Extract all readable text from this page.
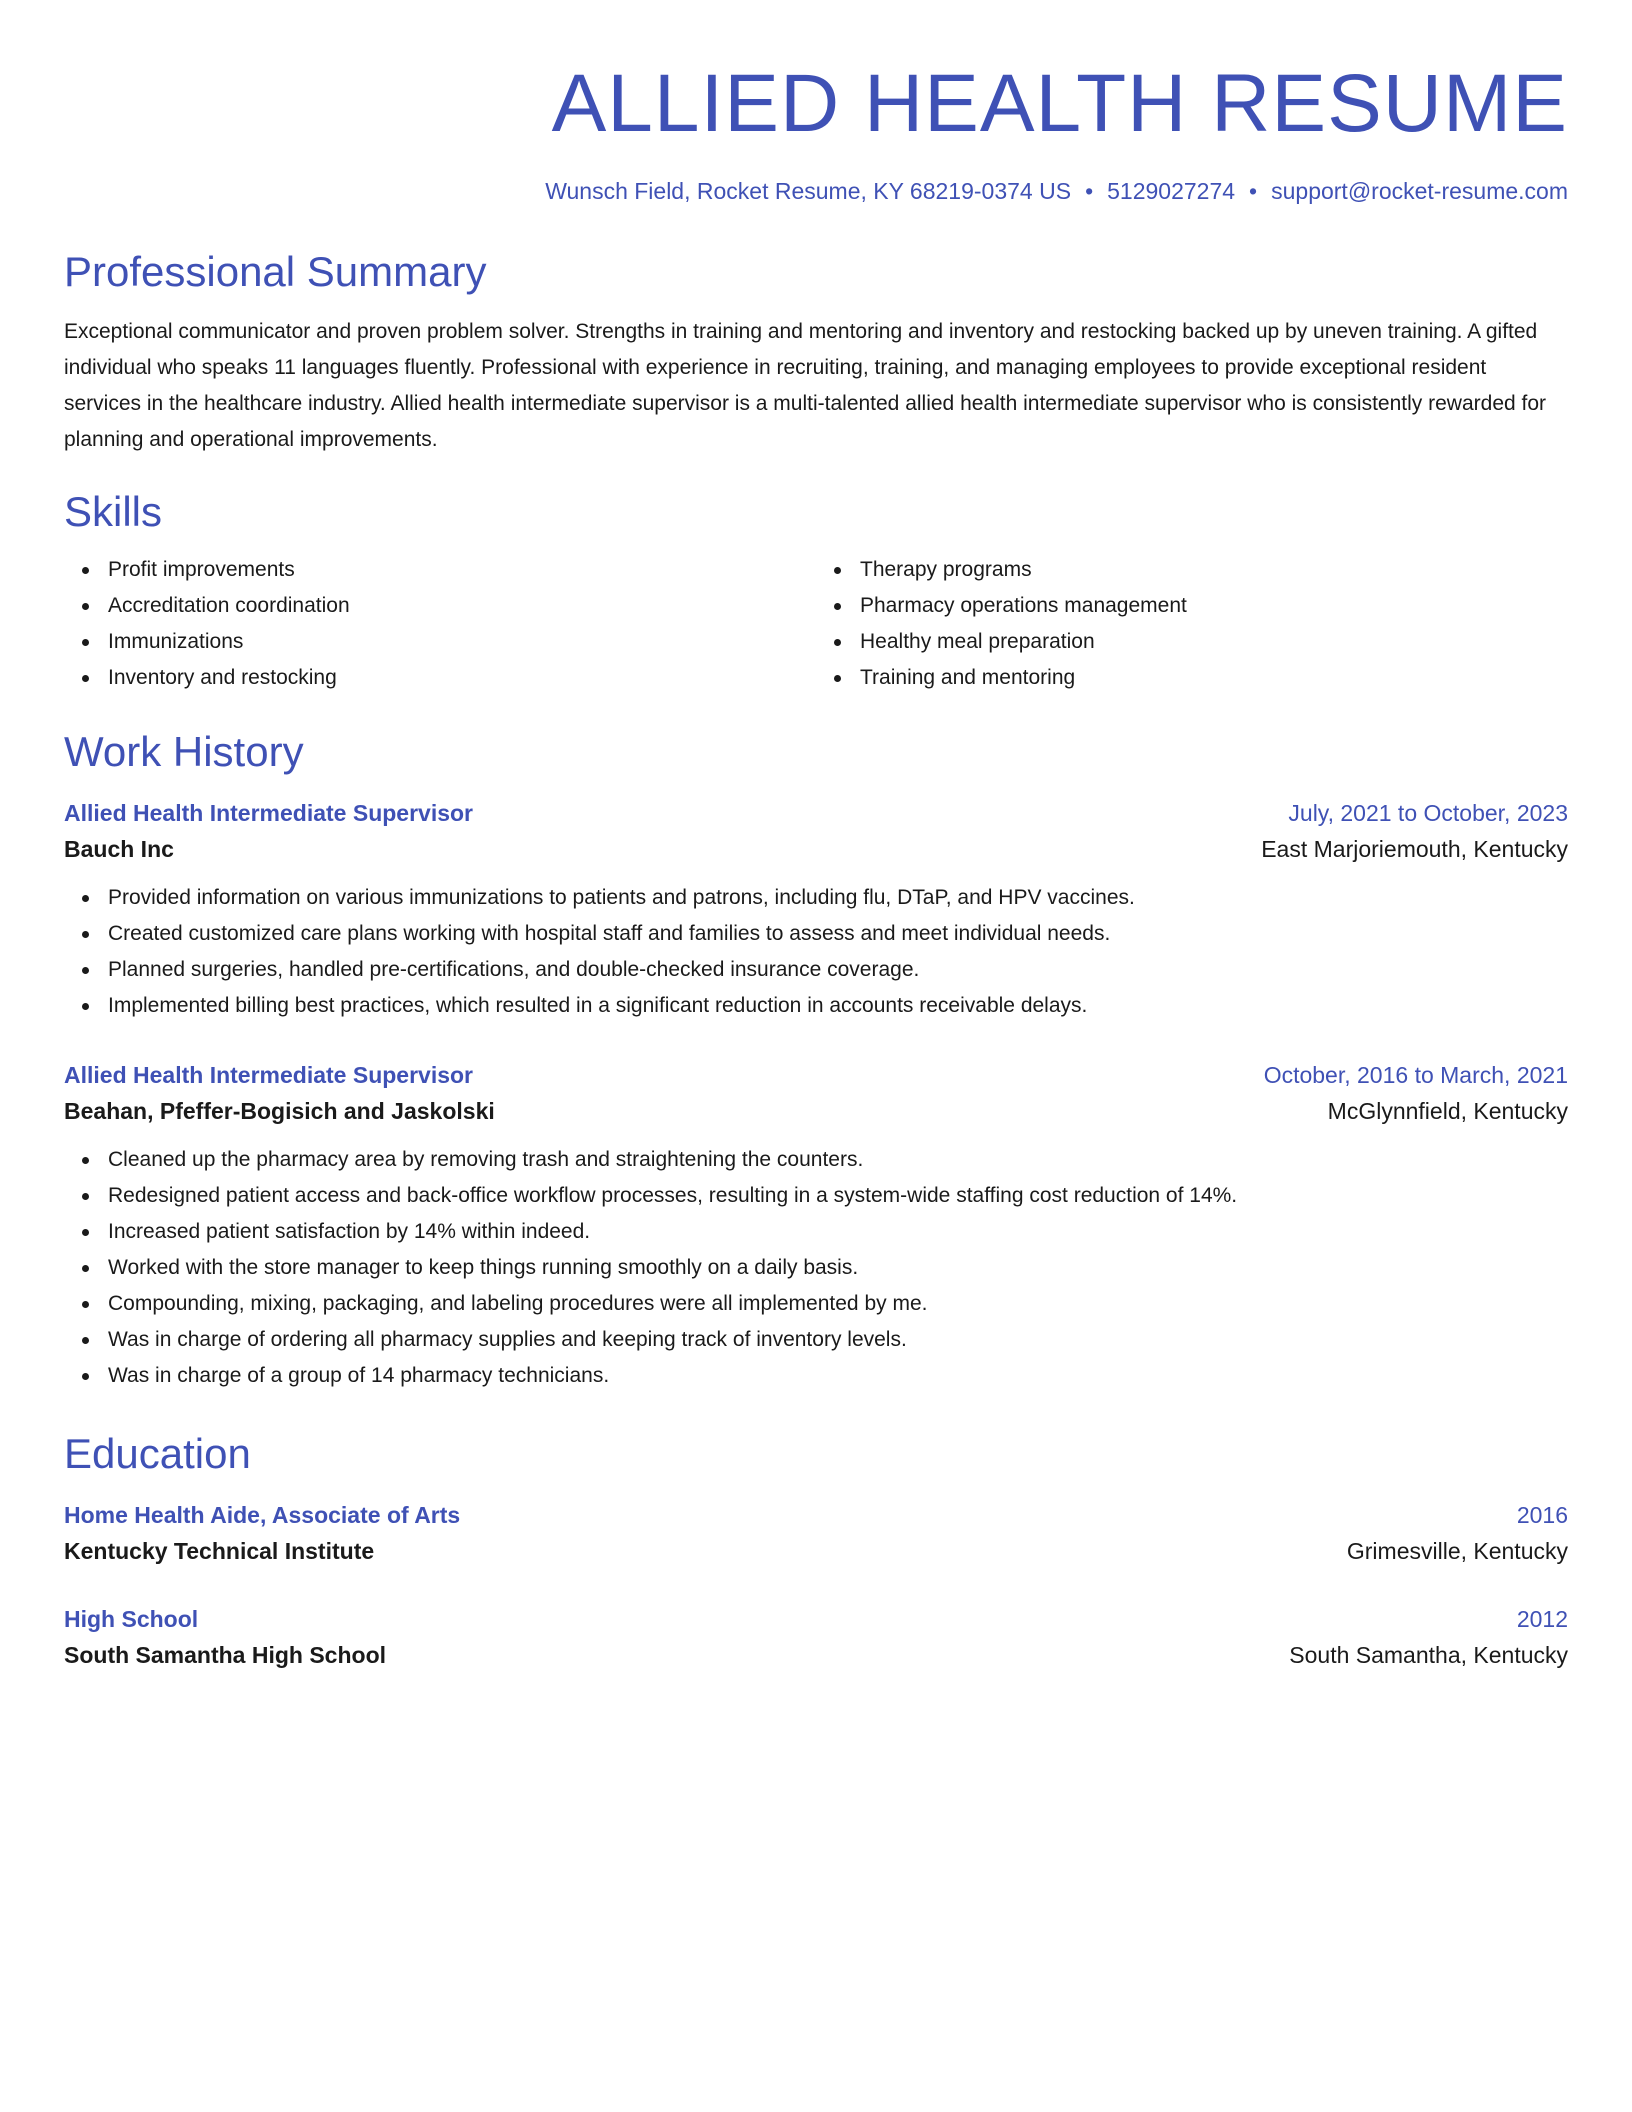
ALLIED HEALTH RESUME
Wunsch Field, Rocket Resume, KY 68219-0374 US • 5129027274 • support@rocket-resume.com
Professional Summary
Exceptional communicator and proven problem solver. Strengths in training and mentoring and inventory and restocking backed up by uneven training. A gifted individual who speaks 11 languages fluently. Professional with experience in recruiting, training, and managing employees to provide exceptional resident services in the healthcare industry. Allied health intermediate supervisor is a multi-talented allied health intermediate supervisor who is consistently rewarded for planning and operational improvements.
Skills
Profit improvements
Accreditation coordination
Immunizations
Inventory and restocking
Therapy programs
Pharmacy operations management
Healthy meal preparation
Training and mentoring
Work History
Allied Health Intermediate Supervisor	July, 2021 to October, 2023
Bauch Inc	East Marjoriemouth, Kentucky
Provided information on various immunizations to patients and patrons, including flu, DTaP, and HPV vaccines.
Created customized care plans working with hospital staff and families to assess and meet individual needs.
Planned surgeries, handled pre-certifications, and double-checked insurance coverage.
Implemented billing best practices, which resulted in a significant reduction in accounts receivable delays.
Allied Health Intermediate Supervisor	October, 2016 to March, 2021
Beahan, Pfeffer-Bogisich and Jaskolski	McGlynnfield, Kentucky
Cleaned up the pharmacy area by removing trash and straightening the counters.
Redesigned patient access and back-office workflow processes, resulting in a system-wide staffing cost reduction of 14%.
Increased patient satisfaction by 14% within indeed.
Worked with the store manager to keep things running smoothly on a daily basis.
Compounding, mixing, packaging, and labeling procedures were all implemented by me.
Was in charge of ordering all pharmacy supplies and keeping track of inventory levels.
Was in charge of a group of 14 pharmacy technicians.
Education
Home Health Aide, Associate of Arts	2016
Kentucky Technical Institute	Grimesville, Kentucky
High School	2012
South Samantha High School	South Samantha, Kentucky
